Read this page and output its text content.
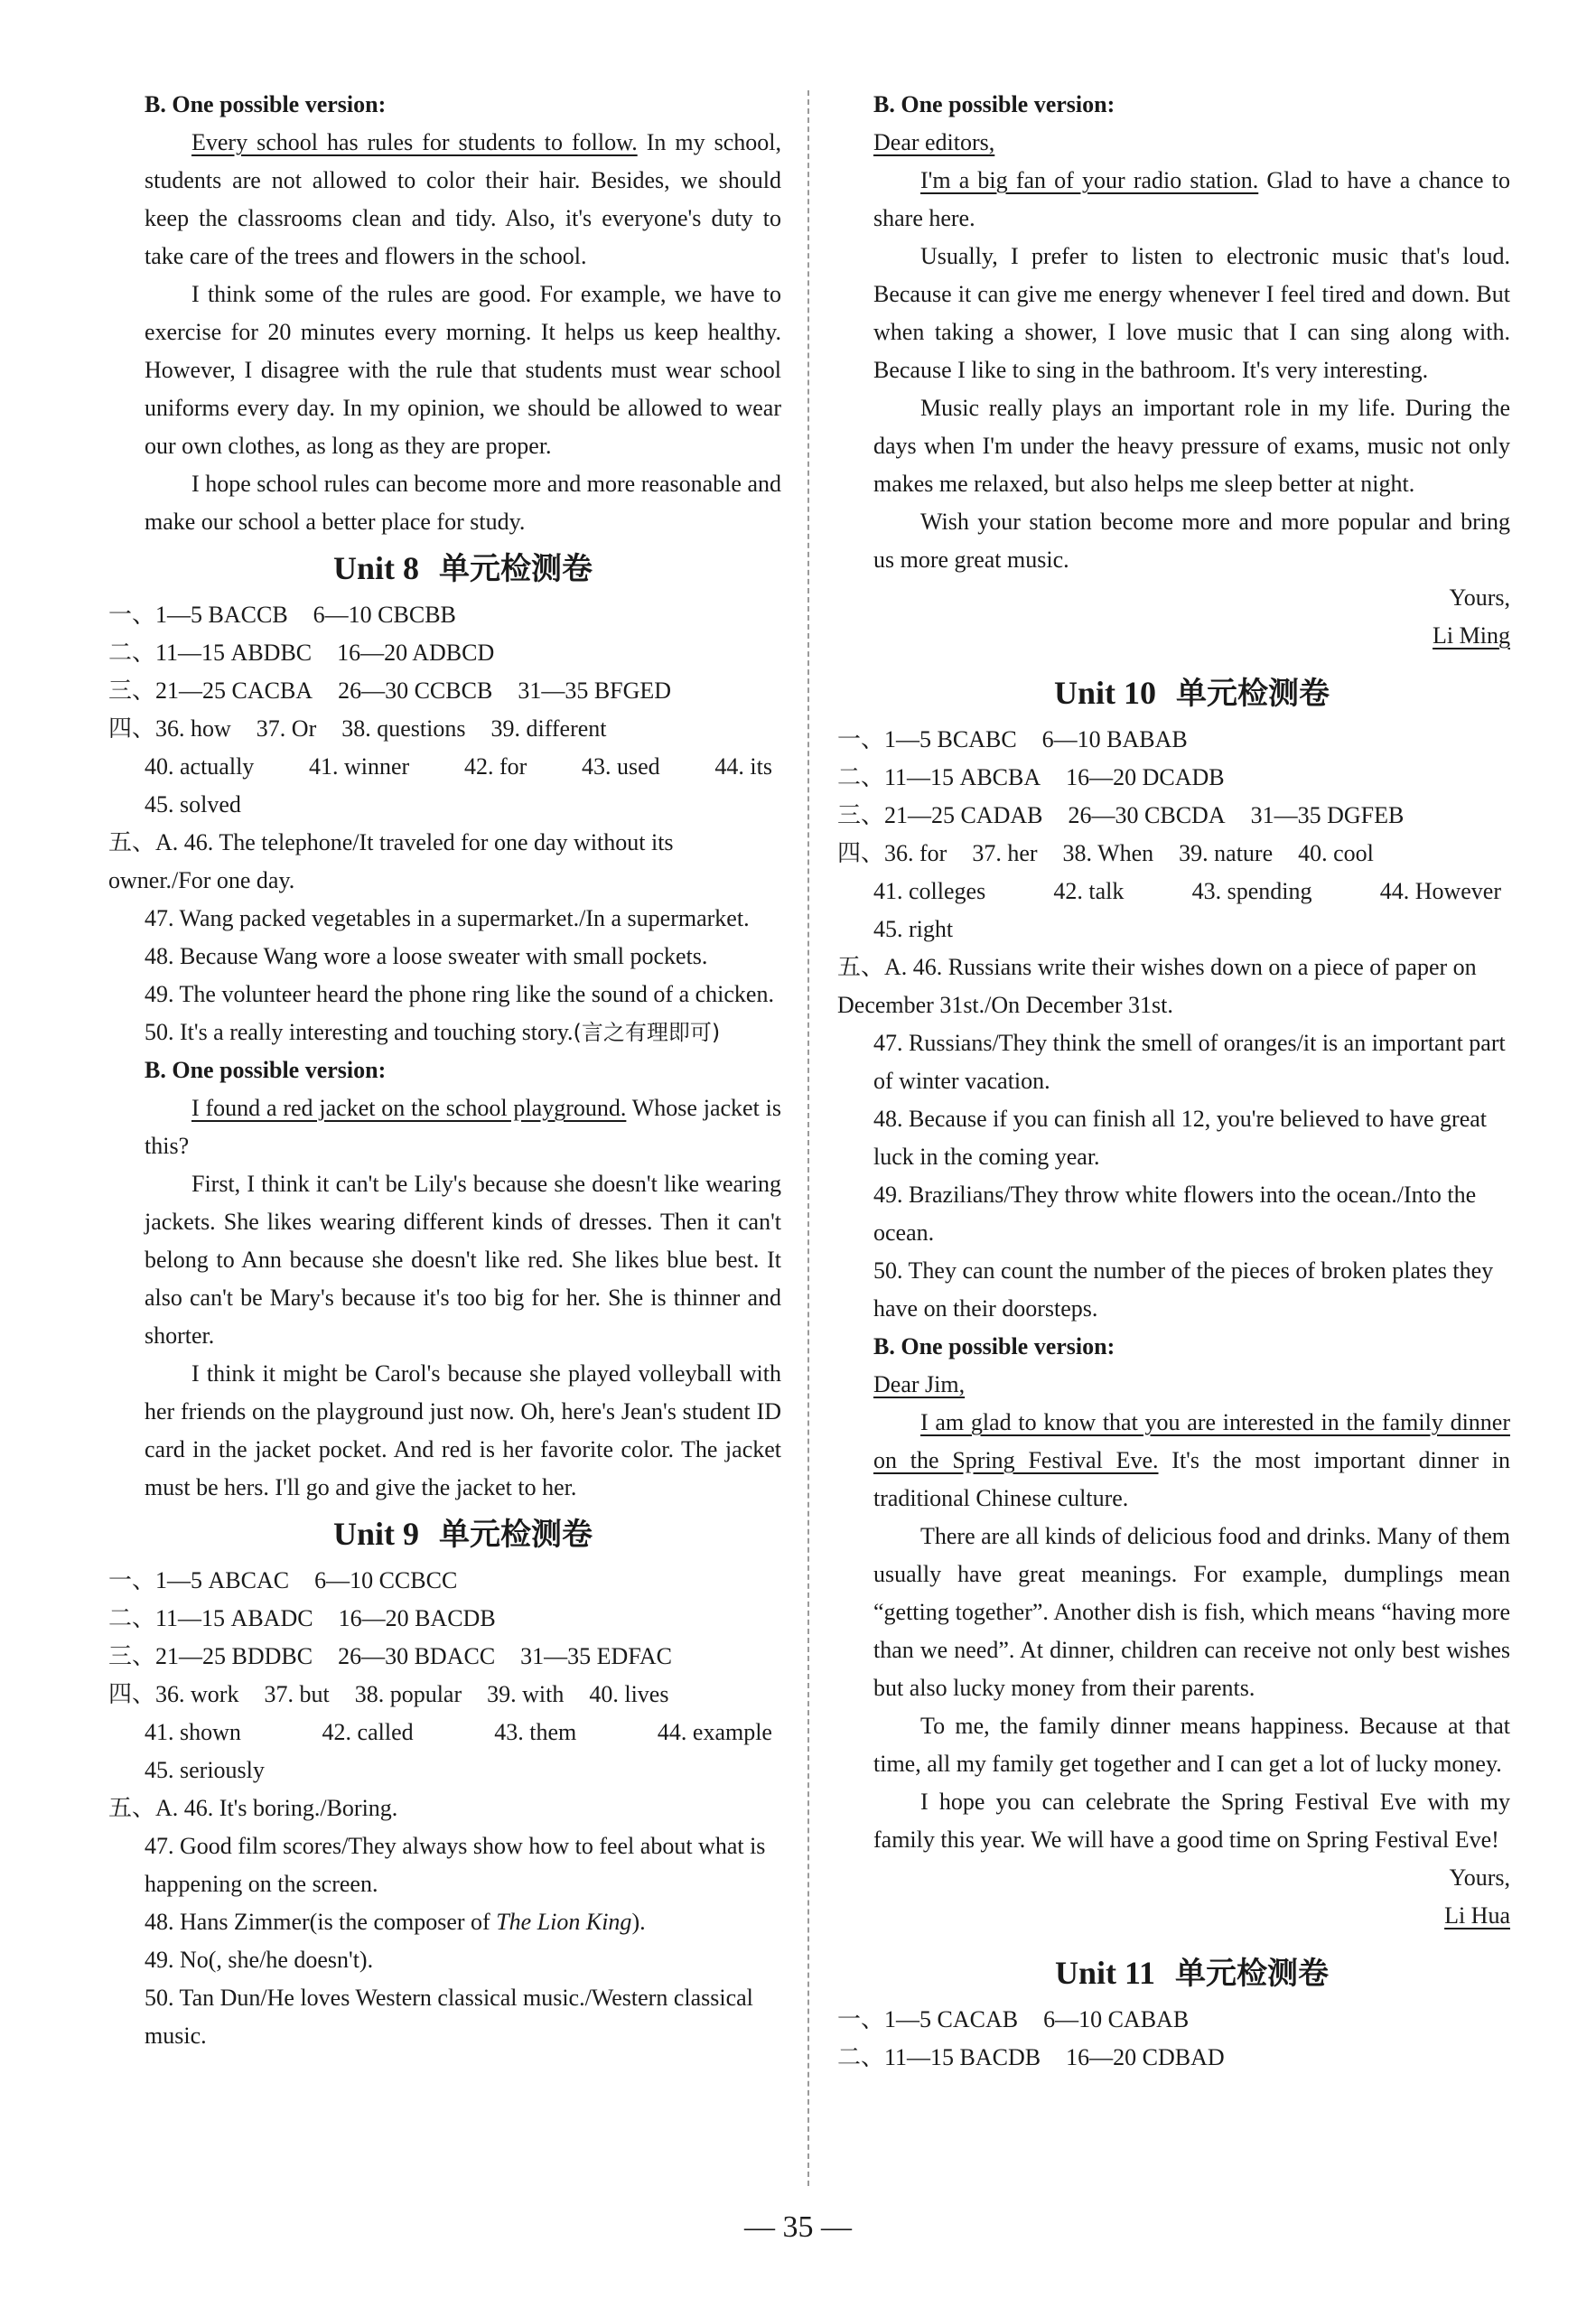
B. One possible version:

Every school has rules for students to follow. In my school, students are not allowed to color their hair. Besides, we should keep the classrooms clean and tidy. Also, it's everyone's duty to take care of the trees and flowers in the school.

I think some of the rules are good. For example, we have to exercise for 20 minutes every morning. It helps us keep healthy. However, I disagree with the rule that students must wear school uniforms every day. In my opinion, we should be allowed to wear our own clothes, as long as they are proper.

I hope school rules can become more and more reasonable and make our school a better place for study.

Unit 8 单元检测卷

一、1—5 BACCB 6—10 CBCBB

二、11—15 ABDBC 16—20 ADBCD

三、21—25 CACBA 26—30 CCBCB 31—35 BFGED

四、36. how 37. Or 38. questions 39. different

40. actually 41. winner 42. for 43. used 44. its

45. solved

五、A. 46. The telephone/It traveled for one day without its owner./For one day.

47. Wang packed vegetables in a supermarket./In a supermarket.

48. Because Wang wore a loose sweater with small pockets.

49. The volunteer heard the phone ring like the sound of a chicken.

50. It's a really interesting and touching story.(言之有理即可)

B. One possible version:

I found a red jacket on the school playground. Whose jacket is this?

First, I think it can't be Lily's because she doesn't like wearing jackets. She likes wearing different kinds of dresses. Then it can't belong to Ann because she doesn't like red. She likes blue best. It also can't be Mary's because it's too big for her. She is thinner and shorter.

I think it might be Carol's because she played volleyball with her friends on the playground just now. Oh, here's Jean's student ID card in the jacket pocket. And red is her favorite color. The jacket must be hers. I'll go and give the jacket to her.

Unit 9 单元检测卷

一、1—5 ABCAC 6—10 CCBCC

二、11—15 ABADC 16—20 BACDB

三、21—25 BDDBC 26—30 BDACC 31—35 EDFAC

四、36. work 37. but 38. popular 39. with 40. lives

41. shown	42. called	43. them	44. example

45. seriously

五、A. 46. It's boring./Boring.

47. Good film scores/They always show how to feel about what is happening on the screen.

48. Hans Zimmer(is the composer of The Lion King).

49. No(, she/he doesn't).

50. Tan Dun/He loves Western classical music./Western classical music.

B. One possible version:

Dear editors,

I'm a big fan of your radio station. Glad to have a chance to share here.

Usually, I prefer to listen to electronic music that's loud. Because it can give me energy whenever I feel tired and down. But when taking a shower, I love music that I can sing along with. Because I like to sing in the bathroom. It's very interesting.

Music really plays an important role in my life. During the days when I'm under the heavy pressure of exams, music not only makes me relaxed, but also helps me sleep better at night.

Wish your station become more and more popular and bring us more great music.

Yours,

Li Ming

Unit 10 单元检测卷

一、1—5 BCABC 6—10 BABAB

二、11—15 ABCBA 16—20 DCADB

三、21—25 CADAB 26—30 CBCDA 31—35 DGFEB

四、36. for 37. her 38. When 39. nature 40. cool

41. colleges	42. talk	43. spending	44. However

45. right

五、A. 46. Russians write their wishes down on a piece of paper on December 31st./On December 31st.

47. Russians/They think the smell of oranges/it is an important part of winter vacation.

48. Because if you can finish all 12, you're believed to have great luck in the coming year.

49. Brazilians/They throw white flowers into the ocean./Into the ocean.

50. They can count the number of the pieces of broken plates they have on their doorsteps.

B. One possible version:

Dear Jim,

I am glad to know that you are interested in the family dinner on the Spring Festival Eve. It's the most important dinner in traditional Chinese culture.

There are all kinds of delicious food and drinks. Many of them usually have great meanings. For example, dumplings mean “getting together”. Another dish is fish, which means “having more than we need”. At dinner, children can receive not only best wishes but also lucky money from their parents.

To me, the family dinner means happiness. Because at that time, all my family get together and I can get a lot of lucky money.

I hope you can celebrate the Spring Festival Eve with my family this year. We will have a good time on Spring Festival Eve!

Yours,

Li Hua

Unit 11 单元检测卷

一、1—5 CACAB 6—10 CABAB

二、11—15 BACDB 16—20 CDBAD

— 35 —
